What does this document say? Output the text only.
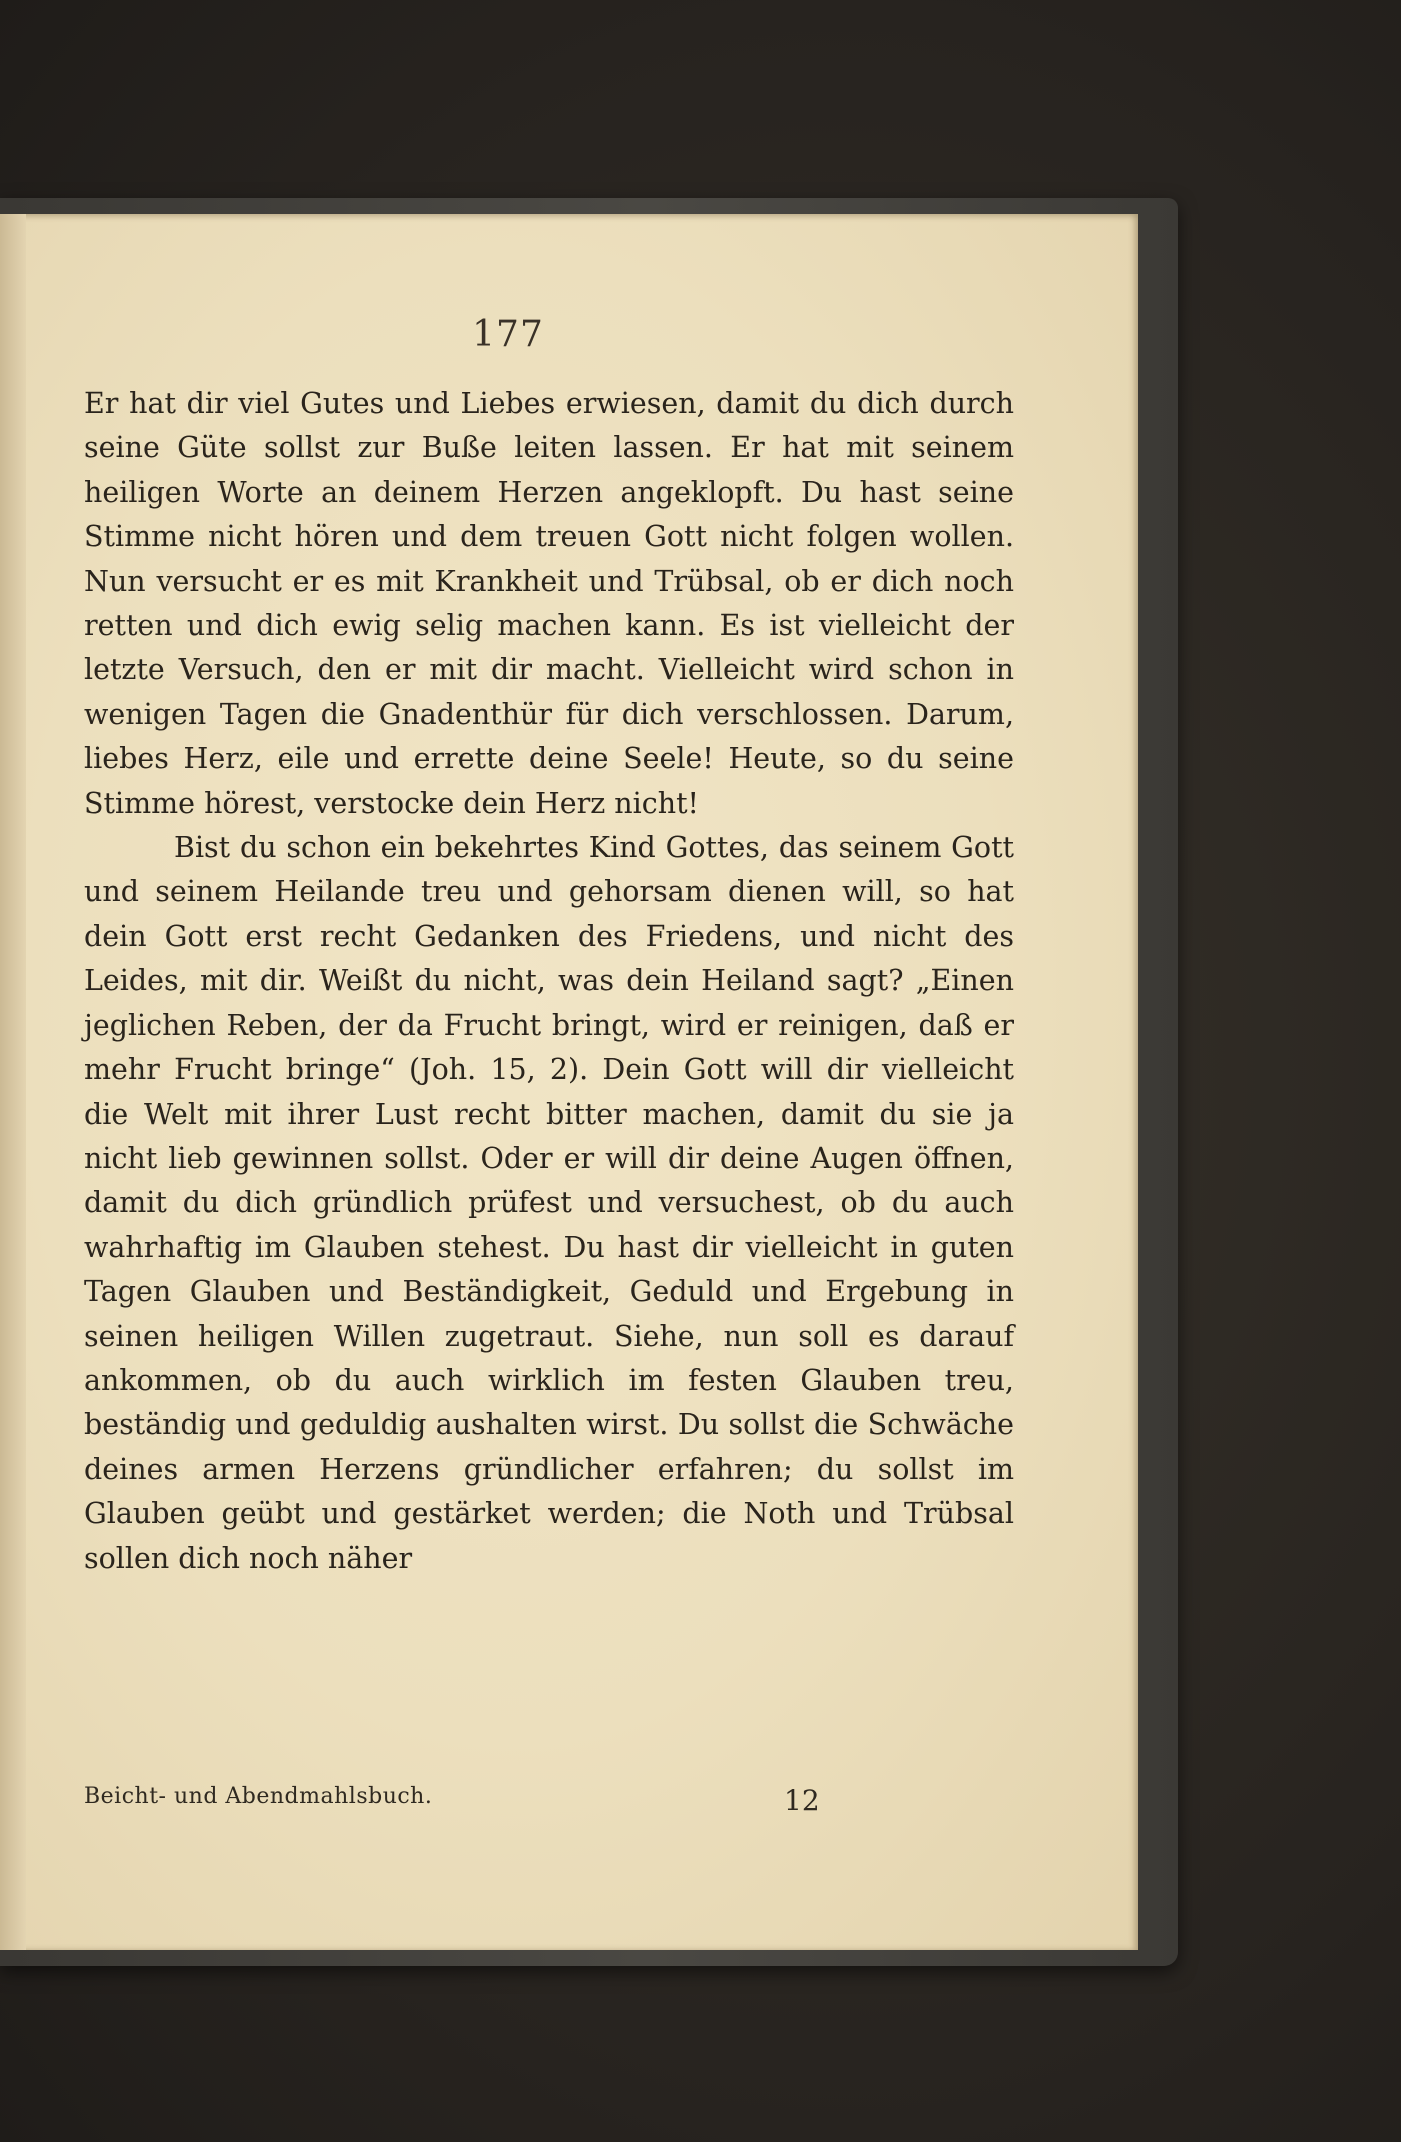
177

Er hat dir viel Gutes und Liebes erwiesen, damit du dich durch seine Güte sollst zur Buße leiten lassen. Er hat mit seinem heiligen Worte an deinem Herzen angeklopft. Du hast seine Stimme nicht hören und dem treuen Gott nicht folgen wollen. Nun versucht er es mit Krankheit und Trübsal, ob er dich noch retten und dich ewig selig machen kann. Es ist vielleicht der letzte Versuch, den er mit dir macht. Vielleicht wird schon in wenigen Tagen die Gnadenthür für dich verschlossen. Darum, liebes Herz, eile und errette deine Seele! Heute, so du seine Stimme hörest, verstocke dein Herz nicht!

Bist du schon ein bekehrtes Kind Gottes, das seinem Gott und seinem Heilande treu und gehorsam dienen will, so hat dein Gott erst recht Gedanken des Friedens, und nicht des Leides, mit dir. Weißt du nicht, was dein Heiland sagt? „Einen jeglichen Reben, der da Frucht bringt, wird er reinigen, daß er mehr Frucht bringe“ (Joh. 15, 2). Dein Gott will dir vielleicht die Welt mit ihrer Lust recht bitter machen, damit du sie ja nicht lieb gewinnen sollst. Oder er will dir deine Augen öffnen, damit du dich gründlich prüfest und versuchest, ob du auch wahrhaftig im Glauben stehest. Du hast dir vielleicht in guten Tagen Glauben und Beständigkeit, Geduld und Ergebung in seinen heiligen Willen zugetraut. Siehe, nun soll es darauf ankommen, ob du auch wirklich im festen Glauben treu, beständig und geduldig aushalten wirst. Du sollst die Schwäche deines armen Herzens gründlicher erfahren; du sollst im Glauben geübt und gestärket werden; die Noth und Trübsal sollen dich noch näher

Beicht- und Abendmahlsbuch.	12
